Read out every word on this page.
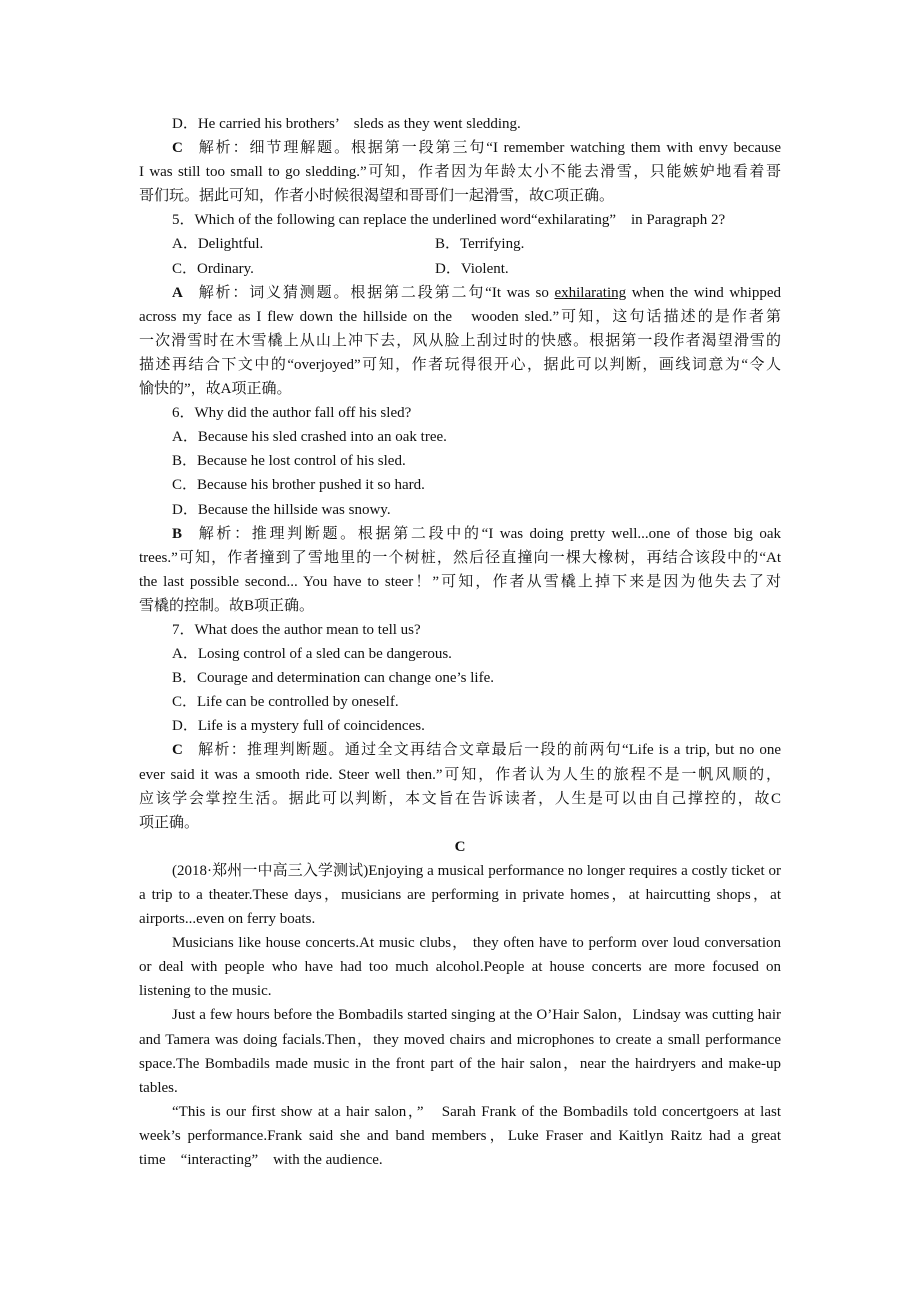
D．He carried his brothers’　sleds as they went sledding.
C 解析：细节理解题。根据第一段第三句“I remember watching them with envy because
I was still too small to go sledding.”可知，作者因为年龄太小不能去滑雪，只能嫉妒地看着哥
哥们玩。据此可知，作者小时候很渴望和哥哥们一起滑雪，故C项正确。
5．Which of the following can replace the underlined word“exhilarating”　in Paragraph 2?
A．Delightful.	B．Terrifying.
C．Ordinary.	D．Violent.
A 解析：词义猜测题。根据第二段第二句“It was so exhilarating when the wind whipped
across my face as I flew down the hillside on the　wooden sled.”可知，这句话描述的是作者第
一次滑雪时在木雪橇上从山上冲下去，风从脸上刮过时的快感。根据第一段作者渴望滑雪的
描述再结合下文中的“overjoyed”可知，作者玩得很开心，据此可以判断，画线词意为“令人
愉快的”，故A项正确。
6．Why did the author fall off his sled?
A．Because his sled crashed into an oak tree.
B．Because he lost control of his sled.
C．Because his brother pushed it so hard.
D．Because the hillside was snowy.
B 解析：推理判断题。根据第二段中的“I was doing pretty well...one of those big oak
trees.”可知，作者撞到了雪地里的一个树桩，然后径直撞向一棵大橡树，再结合该段中的“At
the last possible second... You have to steer！”可知，作者从雪橇上掉下来是因为他失去了对
雪橇的控制。故B项正确。
7．What does the author mean to tell us?
A．Losing control of a sled can be dangerous.
B．Courage and determination can change one’s life.
C．Life can be controlled by oneself.
D．Life is a mystery full of coincidences.
C 解析：推理判断题。通过全文再结合文章最后一段的前两句“Life is a trip, but no one
ever said it was a smooth ride. Steer well then.”可知，作者认为人生的旅程不是一帆风顺的，
应该学会掌控生活。据此可以判断，本文旨在告诉读者，人生是可以由自己撑控的，故C
项正确。
C
(2018·郑州一中高三入学测试)Enjoying a musical performance no longer requires a costly ticket or a trip to a theater.These days，musicians are performing in private homes，at haircutting shops，at airports...even on ferry boats.
Musicians like house concerts.At music clubs， they often have to perform over loud conversation or deal with people who have had too much alcohol.People at house concerts are more focused on listening to the music.
Just a few hours before the Bombadils started singing at the O’Hair Salon，Lindsay was cutting hair and Tamera was doing facials.Then，they moved chairs and microphones to create a small performance space.The Bombadils made music in the front part of the hair salon，near the hairdryers and make-up tables.
“This is our first show at a hair salon，”　Sarah Frank of the Bombadils told concertgoers at last week’s performance.Frank said she and band members，Luke Fraser and Kaitlyn Raitz had a great time　“interacting”　with the audience.
